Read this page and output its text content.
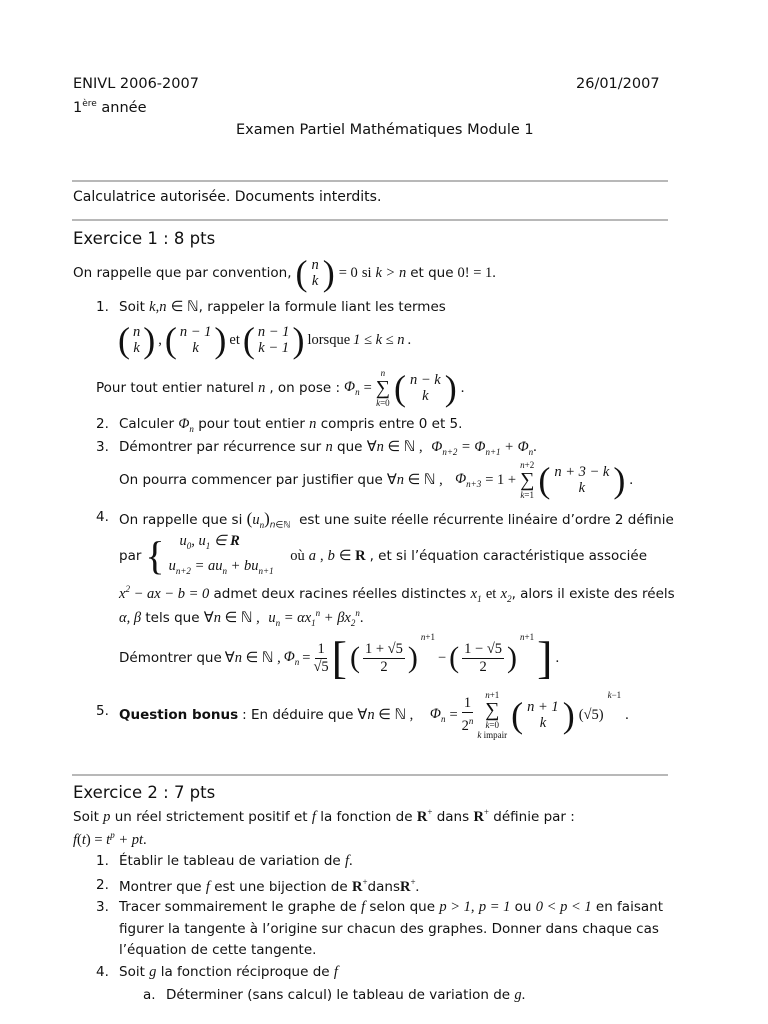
ENIVL 2006-2007	26/01/2007
1ère année
Examen Partiel Mathématiques Module 1
Calculatrice autorisée. Documents interdits.
Exercice 1 : 8 pts
On rappelle que par convention, ( n
k ) = 0 si k > n et que 0! = 1.
1. Soit k,n ∈ ℕ, rappeler la formule liant les termes
( n
k ) , ( n − 1
k ) et ( n − 1
k − 1 ) lorsque 1 ≤ k ≤ n .
Pour tout entier naturel n , on pose : $\Phi_n$ =
n
∑
k=0 ( n − k
k ) .
2. Calculer $\Phi_n$ pour tout entier n compris entre 0 et 5.
3. Démontrer par récurrence sur n que ∀n ∈ ℕ , $\Phi_{n+2} = \Phi_{n+1} + \Phi_n$.
On pourra commencer par justifier que ∀n ∈ ℕ ,
$\Phi_{n+3} = 1$ +
n+2
∑
k=1 ( n + 3 − k
k ) .
4. On rappelle que si $(u_n)_{n\in ℕ}$ est une suite réelle récurrente linéaire d’ordre 2 définie
par { $u_0$, $u_1$ ∈ R
$u_{n+2} = au_n + bu_{n+1}$

où a , b ∈ R , et si l’équation caractéristique associée
$x^2$ − ax − b = 0 admet deux racines réelles distinctes $x_1$ et $x_2$, alors il existe des réels
α, β tels que ∀n ∈ ℕ , $u_n = \alpha x_1^n + \beta x_2^n$.
Démontrer que ∀n ∈ ℕ , $\Phi_n = \frac{1}{√5}$ [ ( $\frac{1 + √5}{2}$ )
$^{n+1}$
− ( $\frac{1 - √5}{2}$ )
$^{n+1}$ ] .
5. Question bonus : En déduire que ∀n ∈ ℕ ,
$\Phi_n = \frac{1}{2^n}$
n+1
∑
k=0
k impair ( n + 1
k ) (√5)
k−1
.
Exercice 2 : 7 pts
Soit p un réel strictement positif et f la fonction de R+ dans R+ définie par :
$f(t) = t^p$ + pt.
1. Établir le tableau de variation de f.
2. Montrer que f est une bijection de R+dansR+.
3. Tracer sommairement le graphe de f selon que p > 1, p = 1 ou 0 < p < 1 en faisant
figurer la tangente à l’origine sur chacun des graphes. Donner dans chaque cas
l’équation de cette tangente.
4. Soit g la fonction réciproque de f
a. Déterminer (sans calcul) le tableau de variation de g.
